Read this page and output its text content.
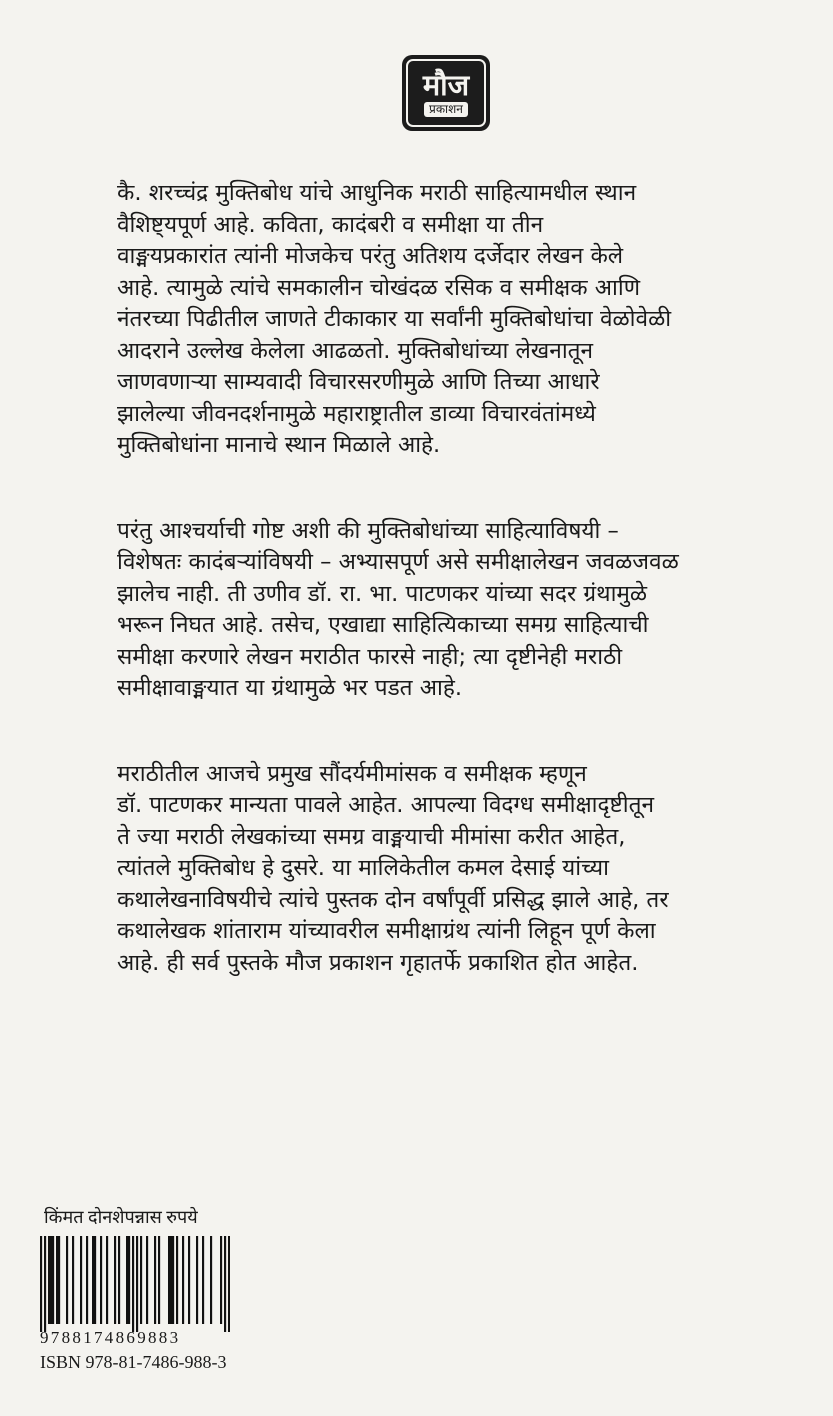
मौज
प्रकाशन
कै. शरच्चंद्र मुक्तिबोध यांचे आधुनिक मराठी साहित्यामधील स्थान
वैशिष्ट्यपूर्ण आहे. कविता, कादंबरी व समीक्षा या तीन
वाङ्मयप्रकारांत त्यांनी मोजकेच परंतु अतिशय दर्जेदार लेखन केले
आहे. त्यामुळे त्यांचे समकालीन चोखंदळ रसिक व समीक्षक आणि
नंतरच्या पिढीतील जाणते टीकाकार या सर्वांनी मुक्तिबोधांचा वेळोवेळी
आदराने उल्लेख केलेला आढळतो. मुक्तिबोधांच्या लेखनातून
जाणवणाऱ्या साम्यवादी विचारसरणीमुळे आणि तिच्या आधारे
झालेल्या जीवनदर्शनामुळे महाराष्ट्रातील डाव्या विचारवंतांमध्ये
मुक्तिबोधांना मानाचे स्थान मिळाले आहे.
परंतु आश्चर्याची गोष्ट अशी की मुक्तिबोधांच्या साहित्याविषयी –
विशेषतः कादंबऱ्यांविषयी – अभ्यासपूर्ण असे समीक्षालेखन जवळजवळ
झालेच नाही. ती उणीव डॉ. रा. भा. पाटणकर यांच्या सदर ग्रंथामुळे
भरून निघत आहे. तसेच, एखाद्या साहित्यिकाच्या समग्र साहित्याची
समीक्षा करणारे लेखन मराठीत फारसे नाही; त्या दृष्टीनेही मराठी
समीक्षावाङ्मयात या ग्रंथामुळे भर पडत आहे.
मराठीतील आजचे प्रमुख सौंदर्यमीमांसक व समीक्षक म्हणून
डॉ. पाटणकर मान्यता पावले आहेत. आपल्या विदग्ध समीक्षादृष्टीतून
ते ज्या मराठी लेखकांच्या समग्र वाङ्मयाची मीमांसा करीत आहेत,
त्यांतले मुक्तिबोध हे दुसरे. या मालिकेतील कमल देसाई यांच्या
कथालेखनाविषयीचे त्यांचे पुस्तक दोन वर्षांपूर्वी प्रसिद्ध झाले आहे, तर
कथालेखक शांताराम यांच्यावरील समीक्षाग्रंथ त्यांनी लिहून पूर्ण केला
आहे. ही सर्व पुस्तके मौज प्रकाशन गृहातर्फे प्रकाशित होत आहेत.
किंमत दोनशेपन्नास रुपये
9788174869883
ISBN 978-81-7486-988-3
